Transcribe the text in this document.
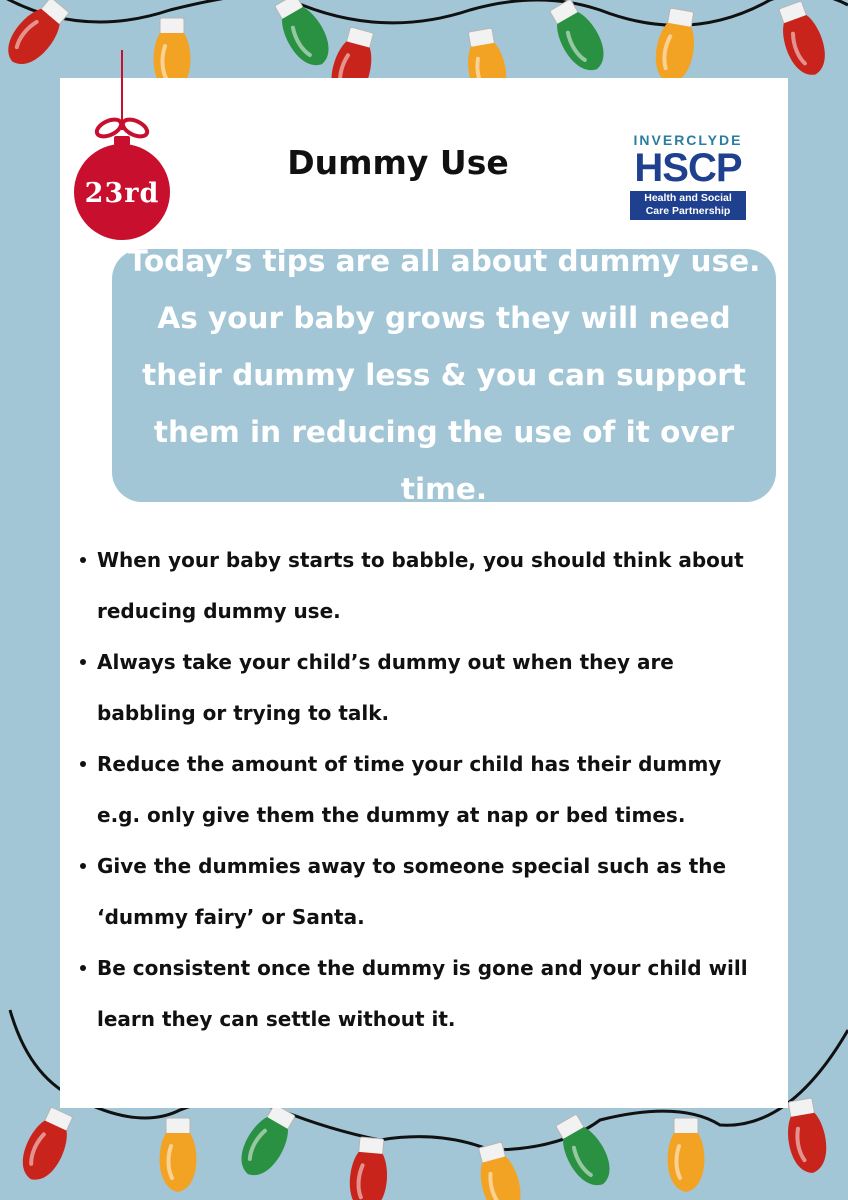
23rd
Dummy Use
INVERCLYDE
HSCP
Health and Social
Care Partnership

Today’s tips are all about dummy use. As your baby grows they will need their dummy less & you can support them in reducing the use of it over time.

When your baby starts to babble, you should think about reducing dummy use.
Always take your child’s dummy out when they are babbling or trying to talk.
Reduce the amount of time your child has their dummy e.g. only give them the dummy at nap or bed times.
Give the dummies away to someone special such as the ‘dummy fairy’ or Santa.
Be consistent once the dummy is gone and your child will learn they can settle without it.
